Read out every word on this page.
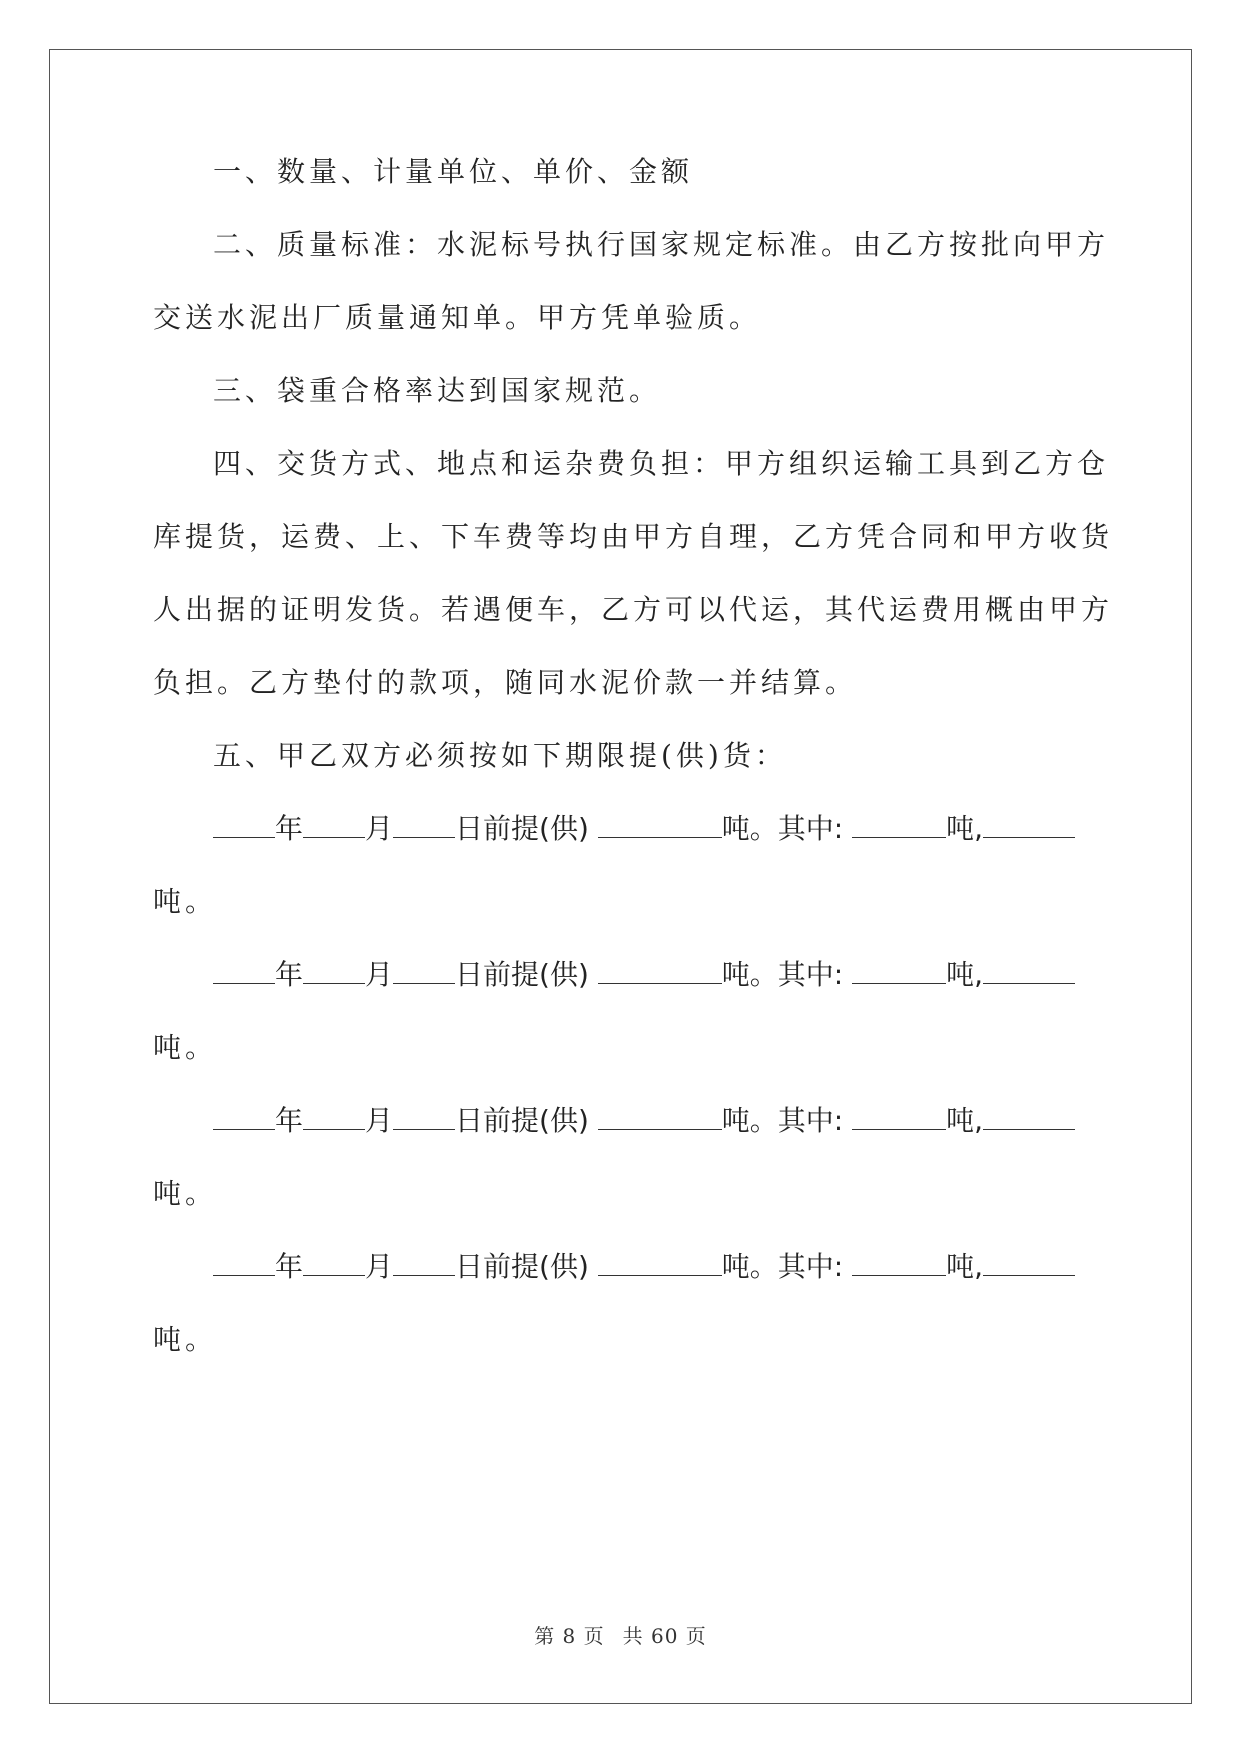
一、数量、计量单位、单价、金额
二、质量标准：水泥标号执行国家规定标准。由乙方按批向甲方
交送水泥出厂质量通知单。甲方凭单验质。
三、袋重合格率达到国家规范。
四、交货方式、地点和运杂费负担：甲方组织运输工具到乙方仓
库提货，运费、上、下车费等均由甲方自理，乙方凭合同和甲方收货
人出据的证明发货。若遇便车，乙方可以代运，其代运费用概由甲方
负担。乙方垫付的款项，随同水泥价款一并结算。
五、甲乙双方必须按如下期限提(供)货：
年 月 日前提(供)	吨。其中:	吨,
吨。
年 月 日前提(供)	吨。其中:	吨,
吨。
年 月 日前提(供)	吨。其中:	吨,
吨。
年 月 日前提(供)	吨。其中:	吨,
吨。
第 8 页 共 60 页
